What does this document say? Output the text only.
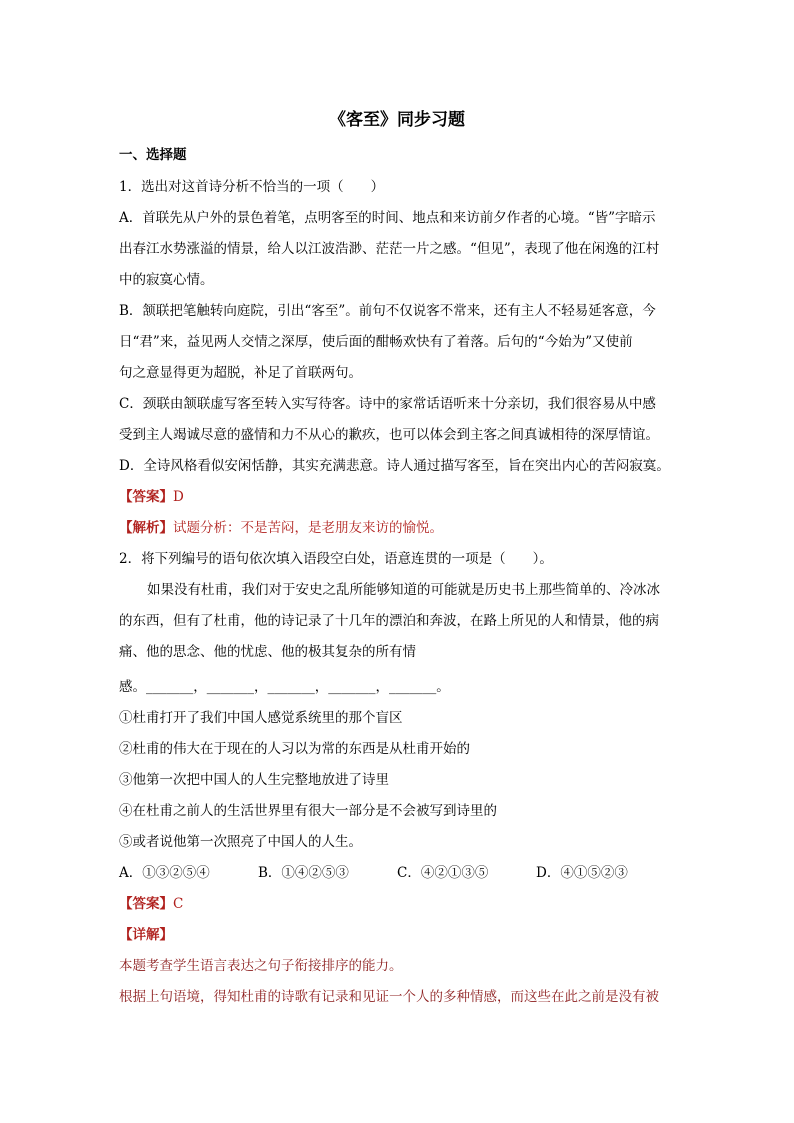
《客至》同步习题
一、选择题
1．选出对这首诗分析不恰当的一项（　　）
A．首联先从户外的景色着笔，点明客至的时间、地点和来访前夕作者的心境。“皆”字暗示
出春江水势涨溢的情景，给人以江波浩渺、茫茫一片之感。“但见”，表现了他在闲逸的江村
中的寂寞心情。
B．颔联把笔触转向庭院，引出“客至”。前句不仅说客不常来，还有主人不轻易延客意，今
日“君”来，益见两人交情之深厚，使后面的酣畅欢快有了着落。后句的“今始为”又使前
句之意显得更为超脱，补足了首联两句。
C．颈联由颔联虚写客至转入实写待客。诗中的家常话语听来十分亲切，我们很容易从中感
受到主人竭诚尽意的盛情和力不从心的歉疚，也可以体会到主客之间真诚相待的深厚情谊。
D．全诗风格看似安闲恬静，其实充满悲意。诗人通过描写客至，旨在突出内心的苦闷寂寞。
【答案】D
【解析】试题分析：不是苦闷，是老朋友来访的愉悦。
2．将下列编号的语句依次填入语段空白处，语意连贯的一项是（　　）。
如果没有杜甫，我们对于安史之乱所能够知道的可能就是历史书上那些简单的、冷冰冰
的东西，但有了杜甫，他的诗记录了十几年的漂泊和奔波，在路上所见的人和情景，他的病
痛、他的思念、他的忧虑、他的极其复杂的所有情
感。_______，_______，_______，_______，_______。
①杜甫打开了我们中国人感觉系统里的那个盲区
②杜甫的伟大在于现在的人习以为常的东西是从杜甫开始的
③他第一次把中国人的人生完整地放进了诗里
④在杜甫之前人的生活世界里有很大一部分是不会被写到诗里的
⑤或者说他第一次照亮了中国人的人生。
A．①③②⑤④	B．①④②⑤③	C．④②①③⑤	D．④①⑤②③
【答案】C
【详解】
本题考查学生语言表达之句子衔接排序的能力。
根据上句语境，得知杜甫的诗歌有记录和见证一个人的多种情感，而这些在此之前是没有被
